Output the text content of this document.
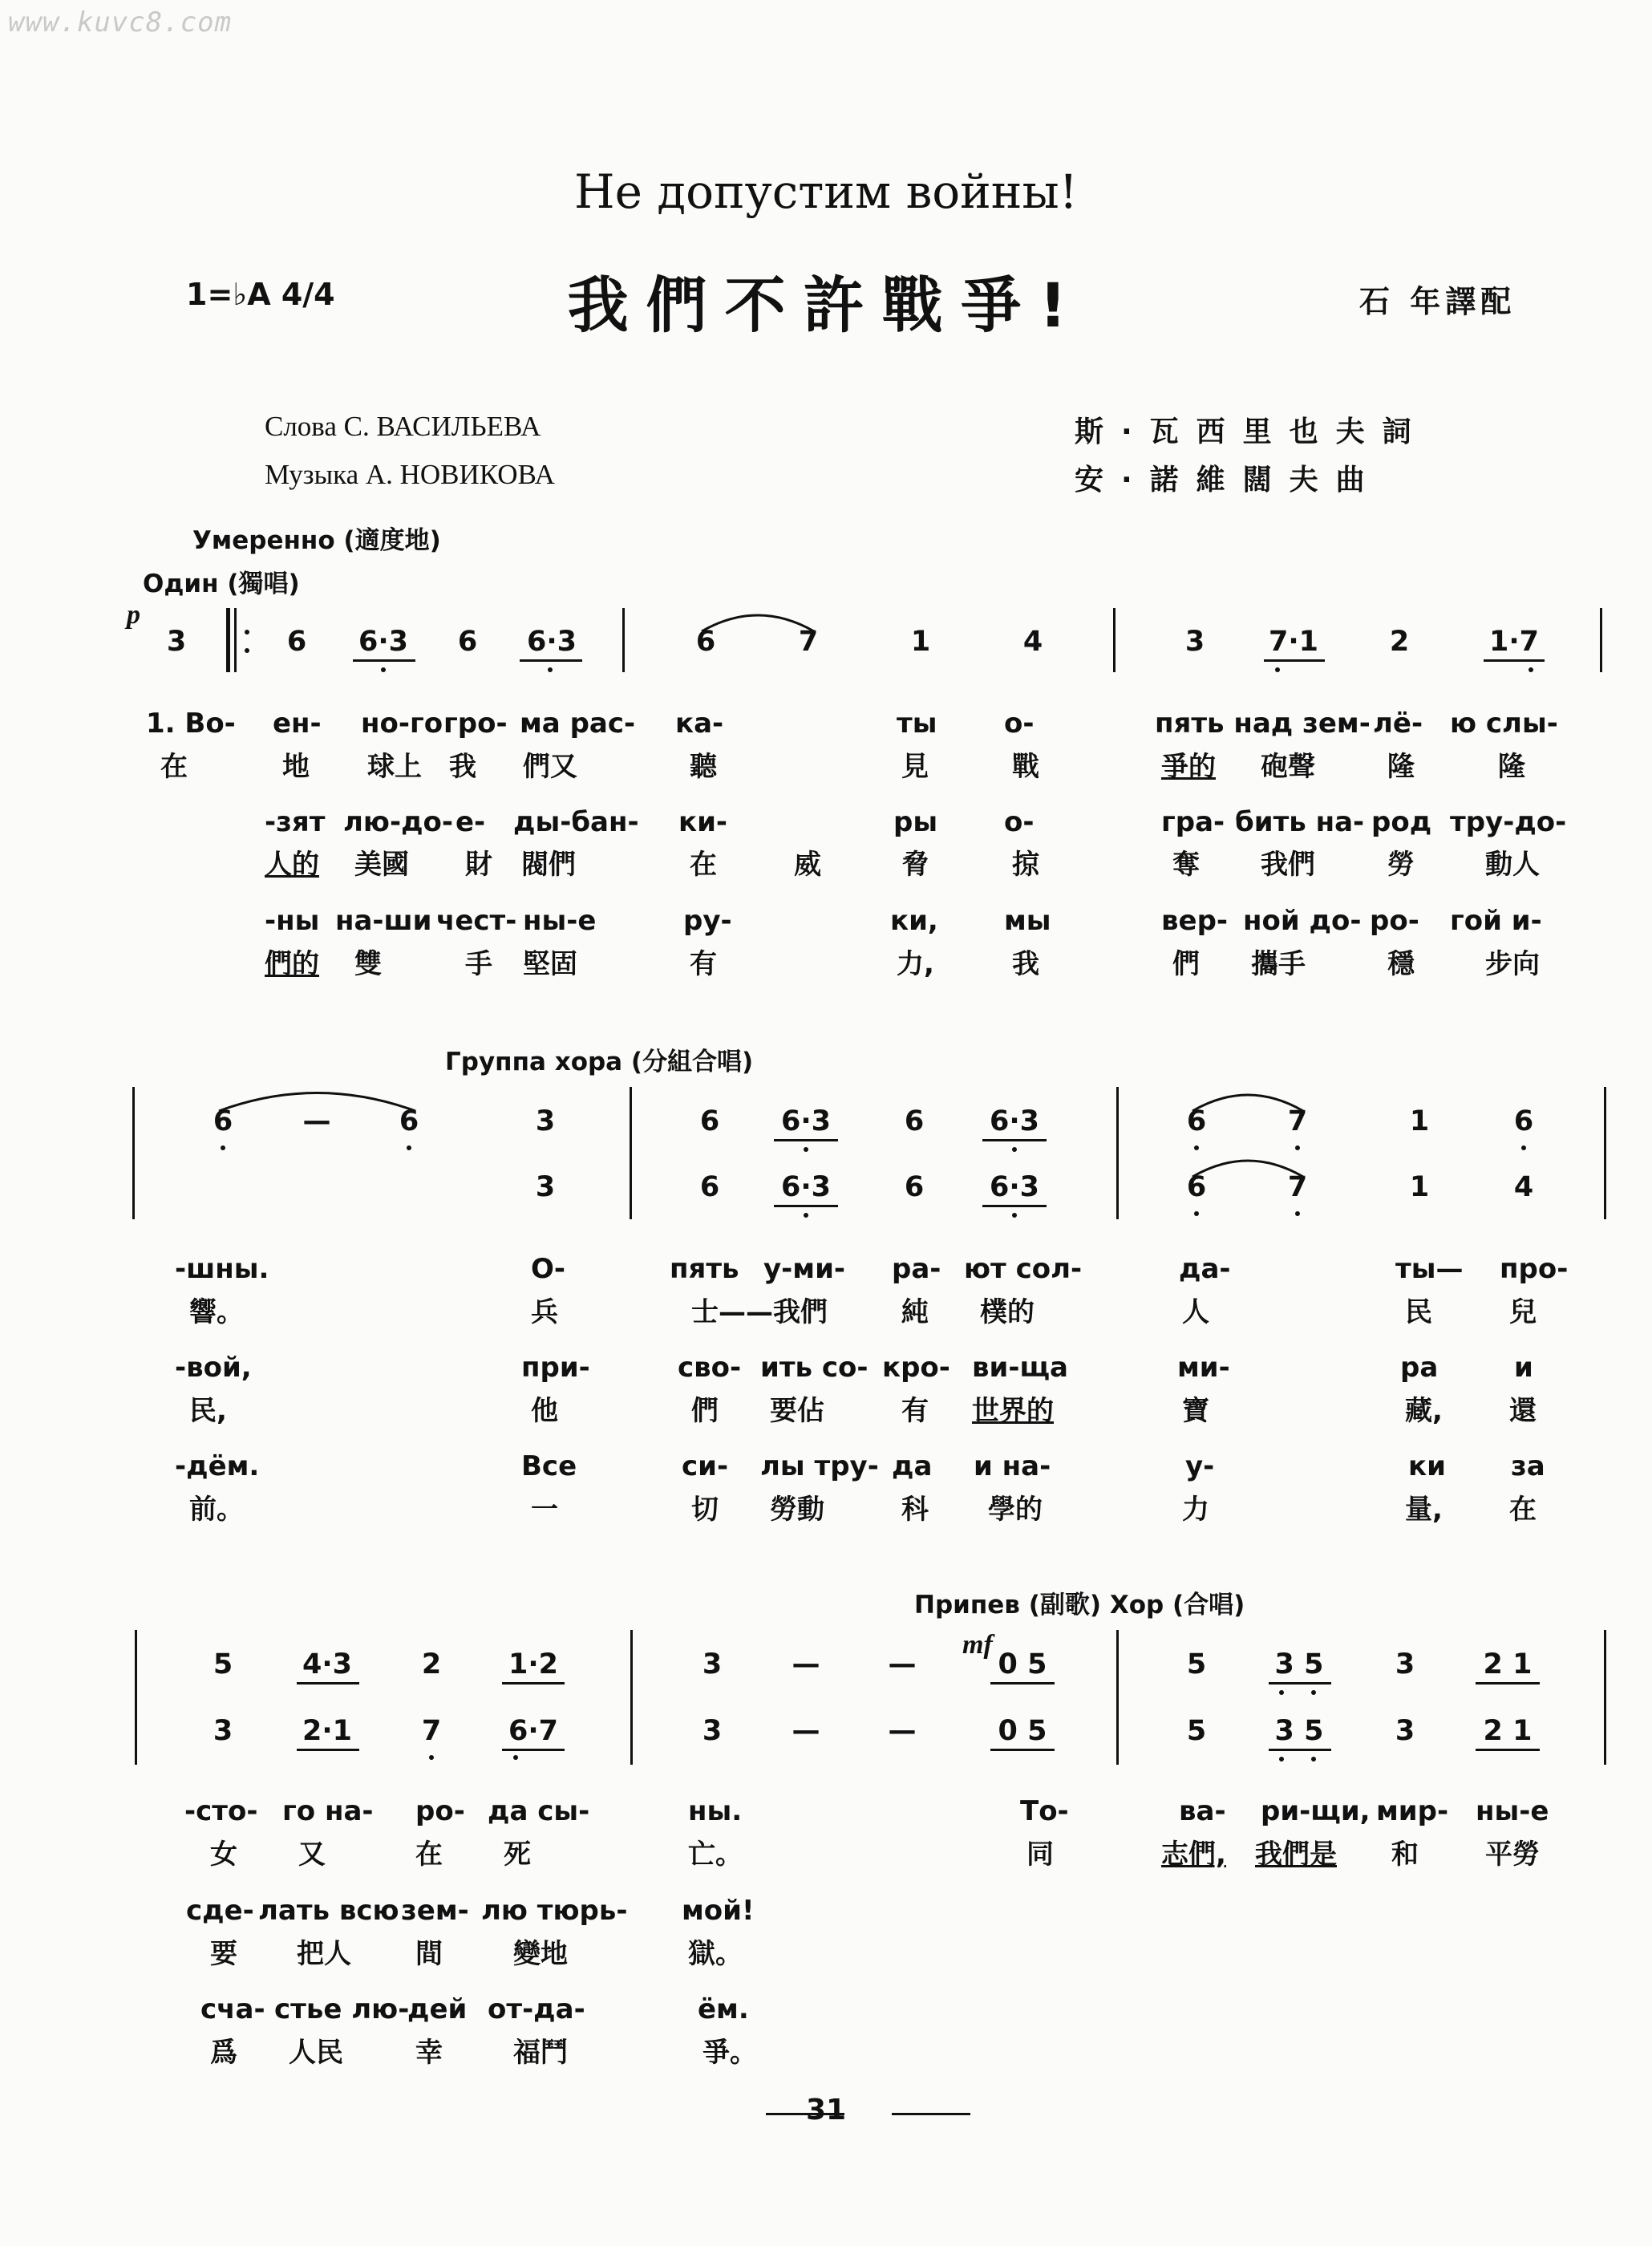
www.kuvc8.com
Не допустим войны!
我們不許戰爭!
1=♭A 4/4	石 年譯配
Слова С. ВАСИЛЬЕВА
Музыка А. НОВИКОВА
斯·瓦西里也夫詞
安·諾維闊夫曲
Умеренно (適度地)
Один (獨唱)
p
3	6 6·3 6 6·3	6	7	1	4	3 7·1	2	1·7
1. Во- ен- но-го гро- ма рас- ка-	ты о-	пять над зем- лё- ю слы-
在	地 球上 我 們又	聽	見	戰	爭的 砲聲	隆	隆
-зят лю-до- е- ды-бан- ки-	ры о-	гра- бить на- род тру-до-
人的 美國 財 閥們	在	威	脅	掠	奪 我們	勞	動人
-ны на-ши чест- ны-е	ру-	ки, мы	вер- ной до- ро- гой и-
們的 雙	手 堅固	有	力,	我	們 攜手	穩	步向
Группа хора (分組合唱)
6 — 6	3
3
6 6·3	6 6·3
6 6·3	6 6·3
6	7	1	6
6	7	1	4
-шны.	О-	пять у-ми- ра- ют сол-	да-	ты— про-
響。	兵	士——我們	純 樸的	人	民	兒
-вой,	при-	сво- ить со- кро- ви-ща	ми-	ра	и
民,	他	們 要佔	有 世界的	寶	藏, 還
-дём.	Все	си- лы тру- да и на-	у-	ки за
前。	一	切 勞動	科 學的	力	量, 在
Припев (副歌) Хор (合唱)
mf
5 4·3 2 1·2
3 2·1 7 6·7
3 — —	0 5
3 — —	0 5
5 3 5	3 2 1
5 3 5	3 2 1
-сто- го на- ро- да сы-	ны.	То-	ва- ри-щи, мир- ны-е
女 又	在 死	亡。	同	志們, 我們是 和 平勞
сде- лать всю зем- лю тюрь- мой!
要 把人 間	變地	獄。
сча- стье лю-
дей от-да-	ём.
爲 人民	幸	福鬥	爭。
31
